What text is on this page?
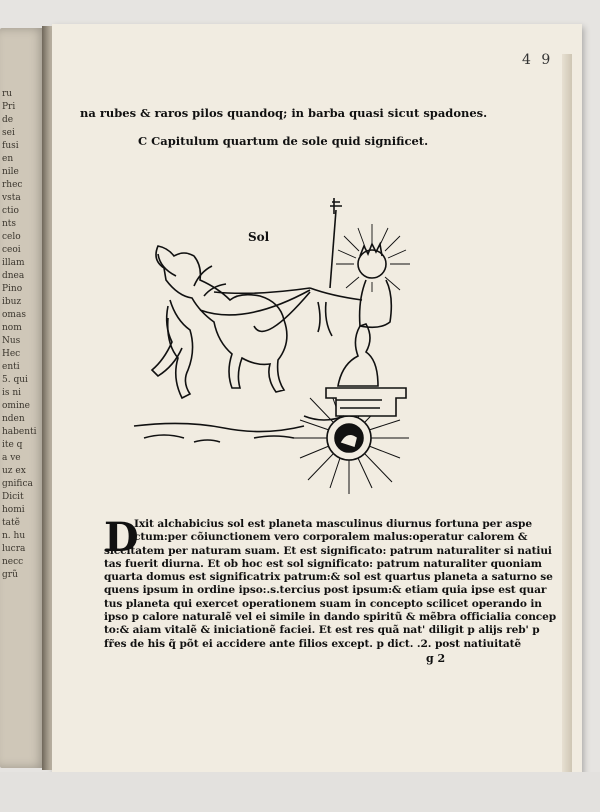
ru
Pri
de
sei
fusi
en
nile
rhec
vsta
ctio
nts
celo
ceoi
illam
dnea
Pino
ibuz
omas
nom
Nus
Hec
enti
5. qui
is ni
omine
nden
habenti
ite q
a ve
uz ex
gnifica
Dicit
homi
tatẽ
n. hu
lucra
necc
grũ
4 9
na rubes & raros pilos quandoq; in barba quasi sicut spadones.
C Capitulum quartum de sole quid significet.
Sol
D
Ixit alchabicius sol est planeta masculinus diurnus fortuna per aspe
ctum:per cõiunctionem vero corporalem malus:operatur calorem &
siccitatem per naturam suam. Et est significato: patrum naturaliter si natiui
tas fuerit diurna. Et ob hoc est sol significato: patrum naturaliter quoniam
quarta domus est significatrix patrum:& sol est quartus planeta a saturno se
quens ipsum in ordine ipso:.s.tercius post ipsum:& etiam quia ipse est quar
tus planeta qui exercet operationem suam in concepto scilicet operando in
ipso p calore naturalẽ vel ei simile in dando spiritũ & mẽbra officialia concep
to:& aiam vitalẽ & iniciationẽ faciei. Et est res quã nat' diligit p alijs reb' p
fr̃es de his q̃ põt ei accidere ante filios except. p dict. .2. post natiuitatẽ
g 2
